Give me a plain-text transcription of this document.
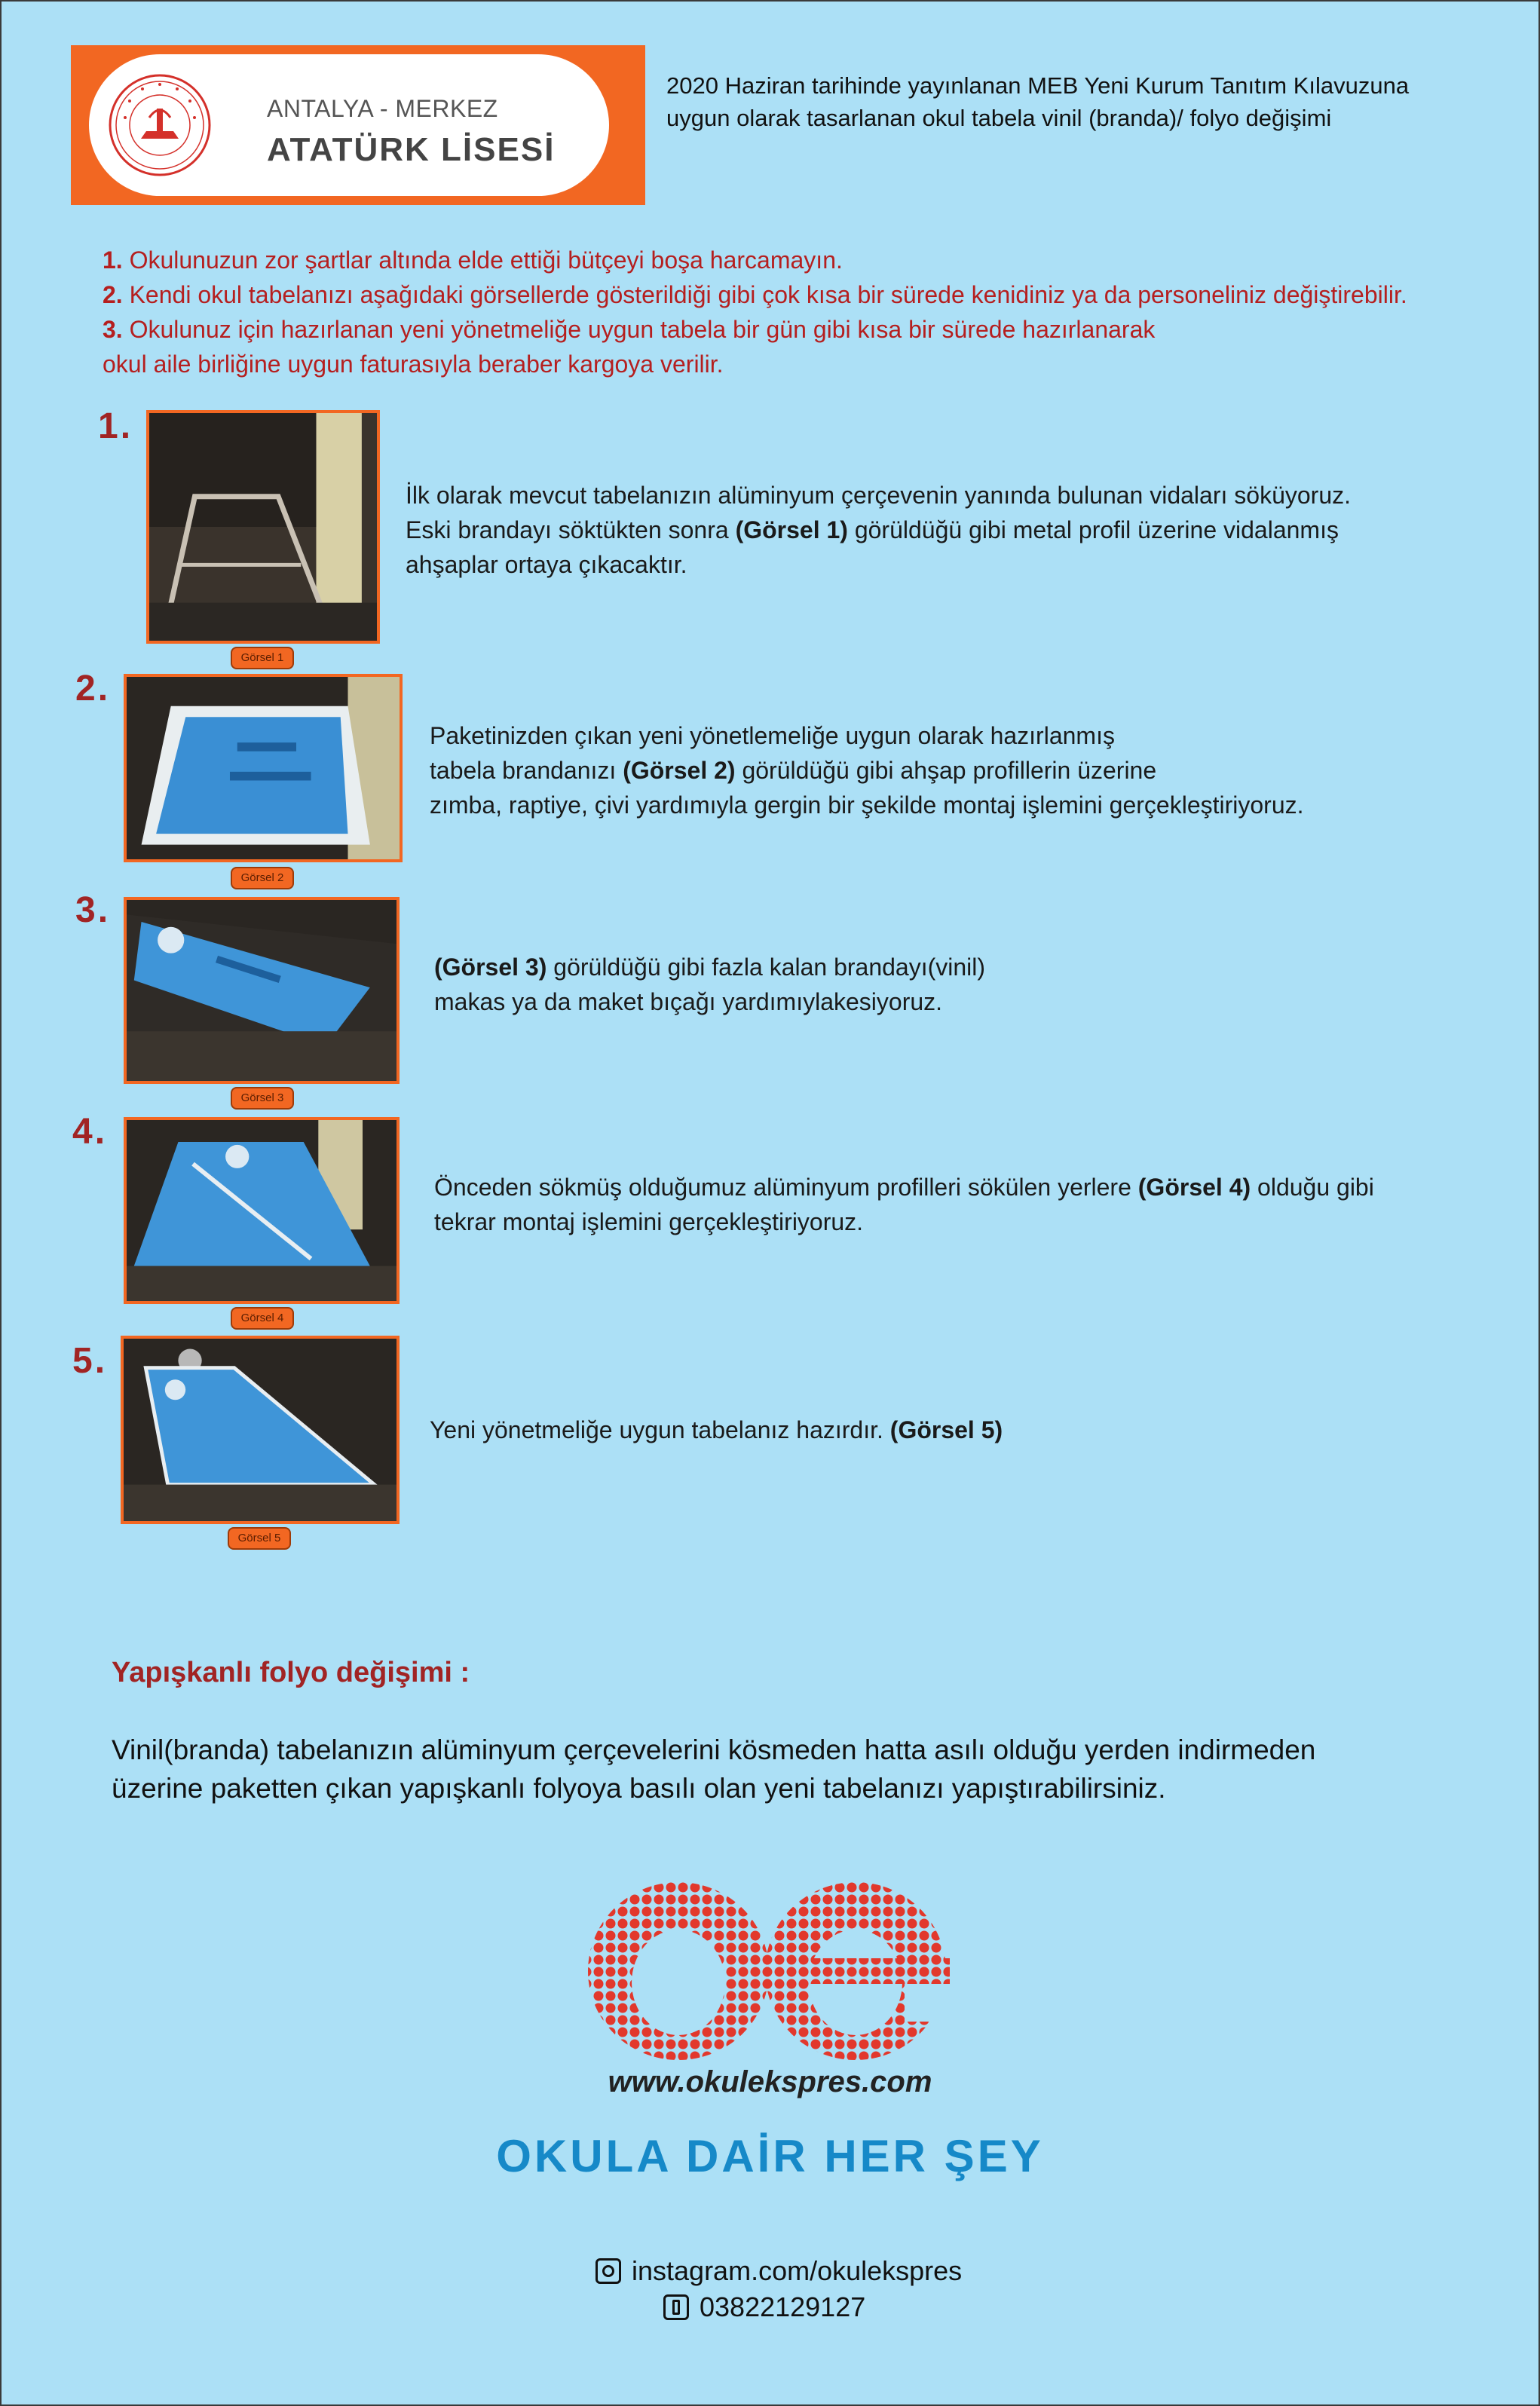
ANTALYA - MERKEZ
ATATÜRK LİSESİ
2020 Haziran tarihinde yayınlanan MEB Yeni Kurum Tanıtım Kılavuzuna
uygun olarak tasarlanan okul tabela vinil (branda)/ folyo değişimi
1. Okulunuzun zor şartlar altında elde ettiği bütçeyi boşa harcamayın.
2. Kendi okul tabelanızı aşağıdaki görsellerde gösterildiği gibi çok kısa bir sürede kenidiniz ya da personeliniz değiştirebilir.
3. Okulunuz için hazırlanan yeni yönetmeliğe uygun tabela bir gün gibi kısa bir sürede hazırlanarak
okul aile birliğine uygun faturasıyla beraber kargoya verilir.
1.
Görsel 1
İlk olarak mevcut tabelanızın alüminyum çerçevenin yanında bulunan vidaları söküyoruz.
Eski brandayı söktükten sonra (Görsel 1) görüldüğü gibi metal profil üzerine vidalanmış
ahşaplar ortaya çıkacaktır.
2.
Görsel 2
Paketinizden çıkan yeni yönetlemeliğe uygun olarak hazırlanmış
tabela brandanızı (Görsel 2) görüldüğü gibi ahşap profillerin üzerine
zımba, raptiye, çivi yardımıyla gergin bir şekilde montaj işlemini gerçekleştiriyoruz.
3.
Görsel 3
(Görsel 3) görüldüğü gibi fazla kalan brandayı(vinil)
makas ya da maket bıçağı yardımıylakesiyoruz.
4.
Görsel 4
Önceden sökmüş olduğumuz alüminyum profilleri sökülen yerlere (Görsel 4) olduğu gibi
tekrar montaj işlemini gerçekleştiriyoruz.
5.
Görsel 5
Yeni yönetmeliğe uygun tabelanız hazırdır. (Görsel 5)
Yapışkanlı folyo değişimi :
Vinil(branda) tabelanızın alüminyum çerçevelerini kösmeden hatta asılı olduğu yerden indirmeden
üzerine paketten çıkan yapışkanlı folyoya basılı olan yeni tabelanızı yapıştırabilirsiniz.
www.okulekspres.com
OKULA DAİR HER ŞEY
instagram.com/okulekspres
03822129127
